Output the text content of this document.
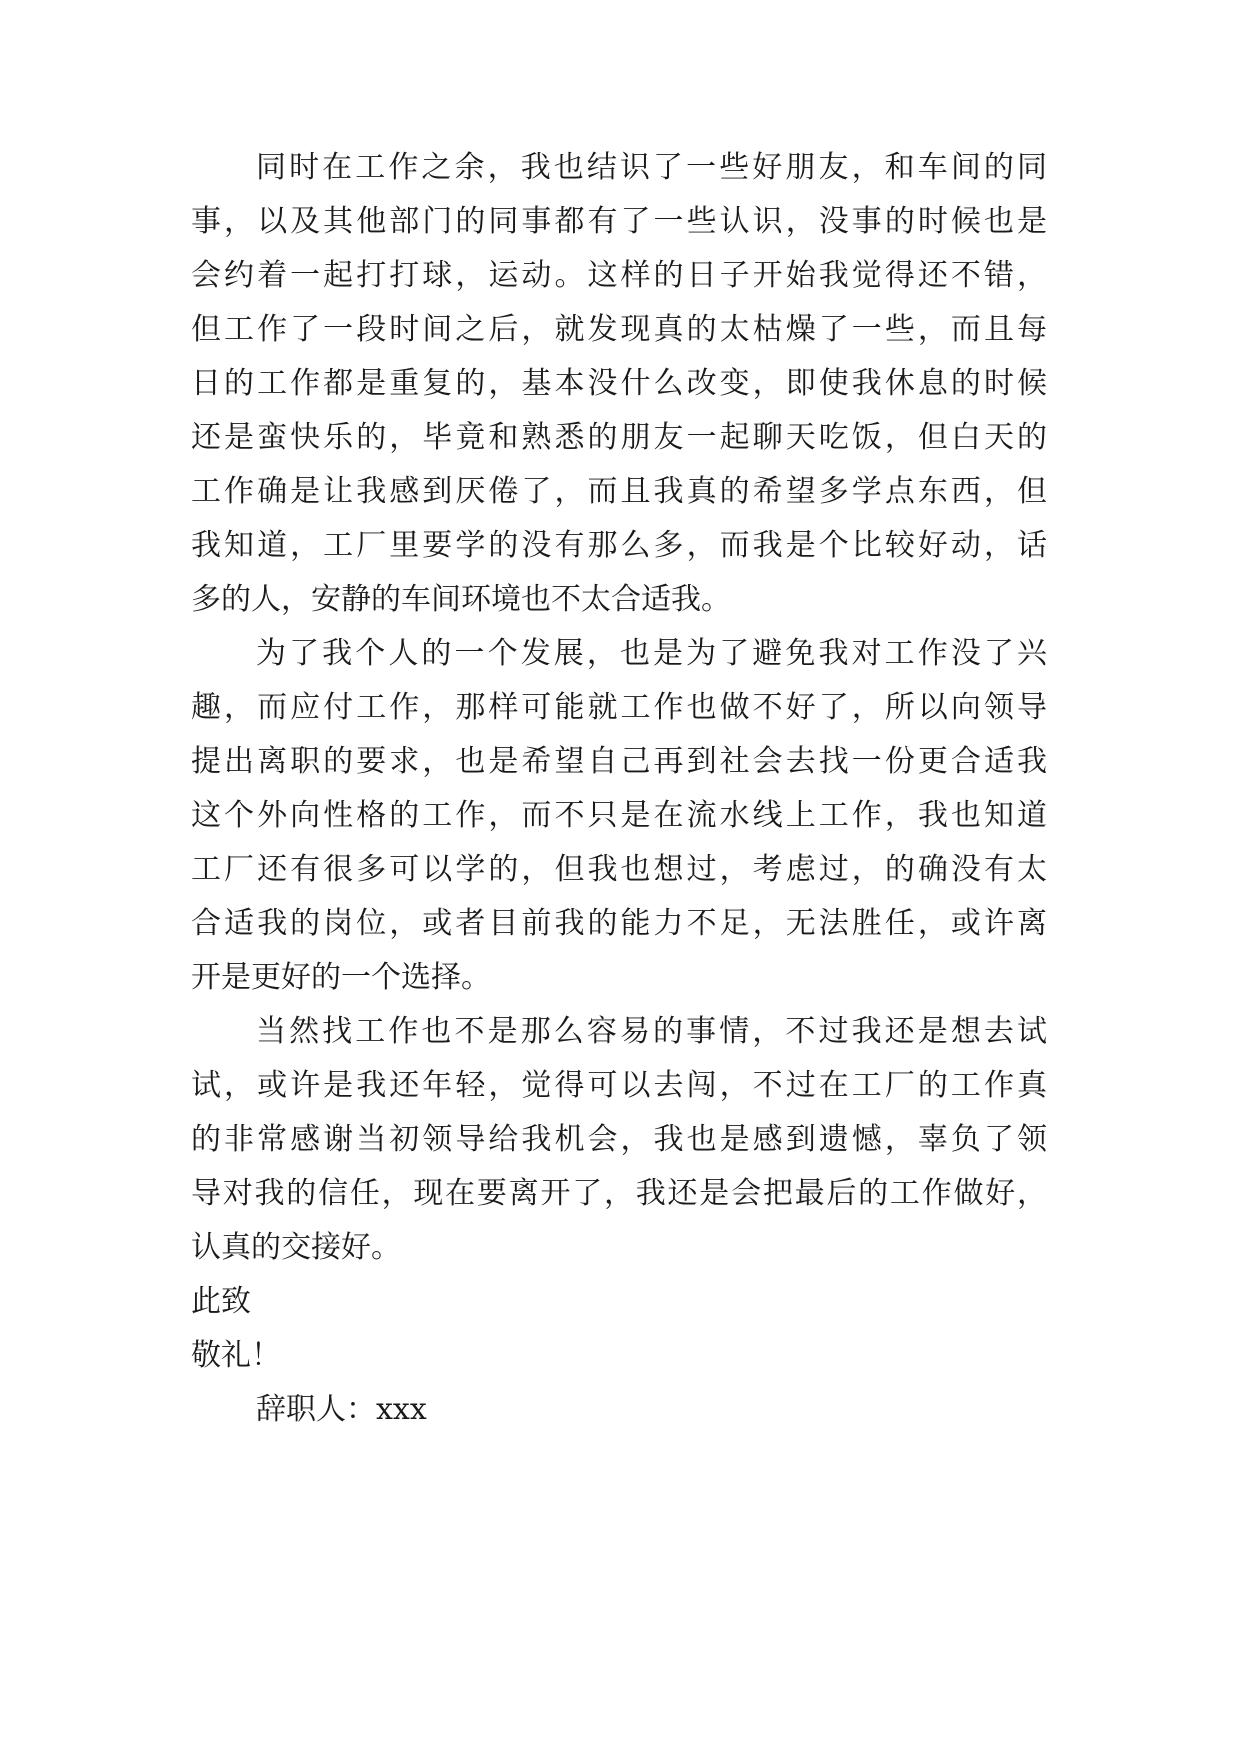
同时在工作之余，我也结识了一些好朋友，和车间的同
事，以及其他部门的同事都有了一些认识，没事的时候也是
会约着一起打打球，运动。这样的日子开始我觉得还不错，
但工作了一段时间之后，就发现真的太枯燥了一些，而且每
日的工作都是重复的，基本没什么改变，即使我休息的时候
还是蛮快乐的，毕竟和熟悉的朋友一起聊天吃饭，但白天的
工作确是让我感到厌倦了，而且我真的希望多学点东西，但
我知道，工厂里要学的没有那么多，而我是个比较好动，话
多的人，安静的车间环境也不太合适我。
为了我个人的一个发展，也是为了避免我对工作没了兴
趣，而应付工作，那样可能就工作也做不好了，所以向领导
提出离职的要求，也是希望自己再到社会去找一份更合适我
这个外向性格的工作，而不只是在流水线上工作，我也知道
工厂还有很多可以学的，但我也想过，考虑过，的确没有太
合适我的岗位，或者目前我的能力不足，无法胜任，或许离
开是更好的一个选择。
当然找工作也不是那么容易的事情，不过我还是想去试
试，或许是我还年轻，觉得可以去闯，不过在工厂的工作真
的非常感谢当初领导给我机会，我也是感到遗憾，辜负了领
导对我的信任，现在要离开了，我还是会把最后的工作做好，
认真的交接好。
此致
敬礼！
辞职人：xxx
